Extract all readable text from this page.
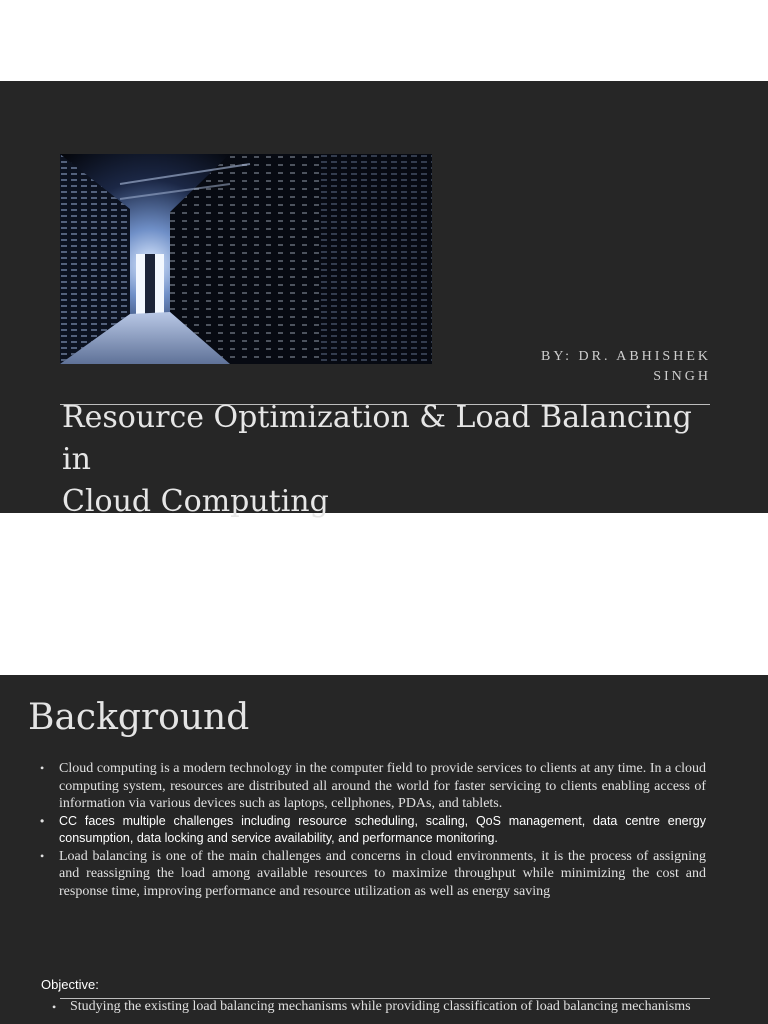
BY: DR. ABHISHEK
SINGH
Resource Optimization & Load Balancing in
Cloud Computing
Background
• Cloud computing is a modern technology in the computer field to provide services to clients at any time. In a cloud computing system, resources are distributed all around the world for faster servicing to clients enabling access of information via various devices such as laptops, cellphones, PDAs, and tablets.
• CC faces multiple challenges including resource scheduling, scaling, QoS management, data centre energy consumption, data locking and service availability, and performance monitoring.
• Load balancing is one of the main challenges and concerns in cloud environments, it is the process of assigning and reassigning the load among available resources to maximize throughput while minimizing the cost and response time, improving performance and resource utilization as well as energy saving
Objective:
• Studying the existing load balancing mechanisms while providing classification of load balancing mechanisms
